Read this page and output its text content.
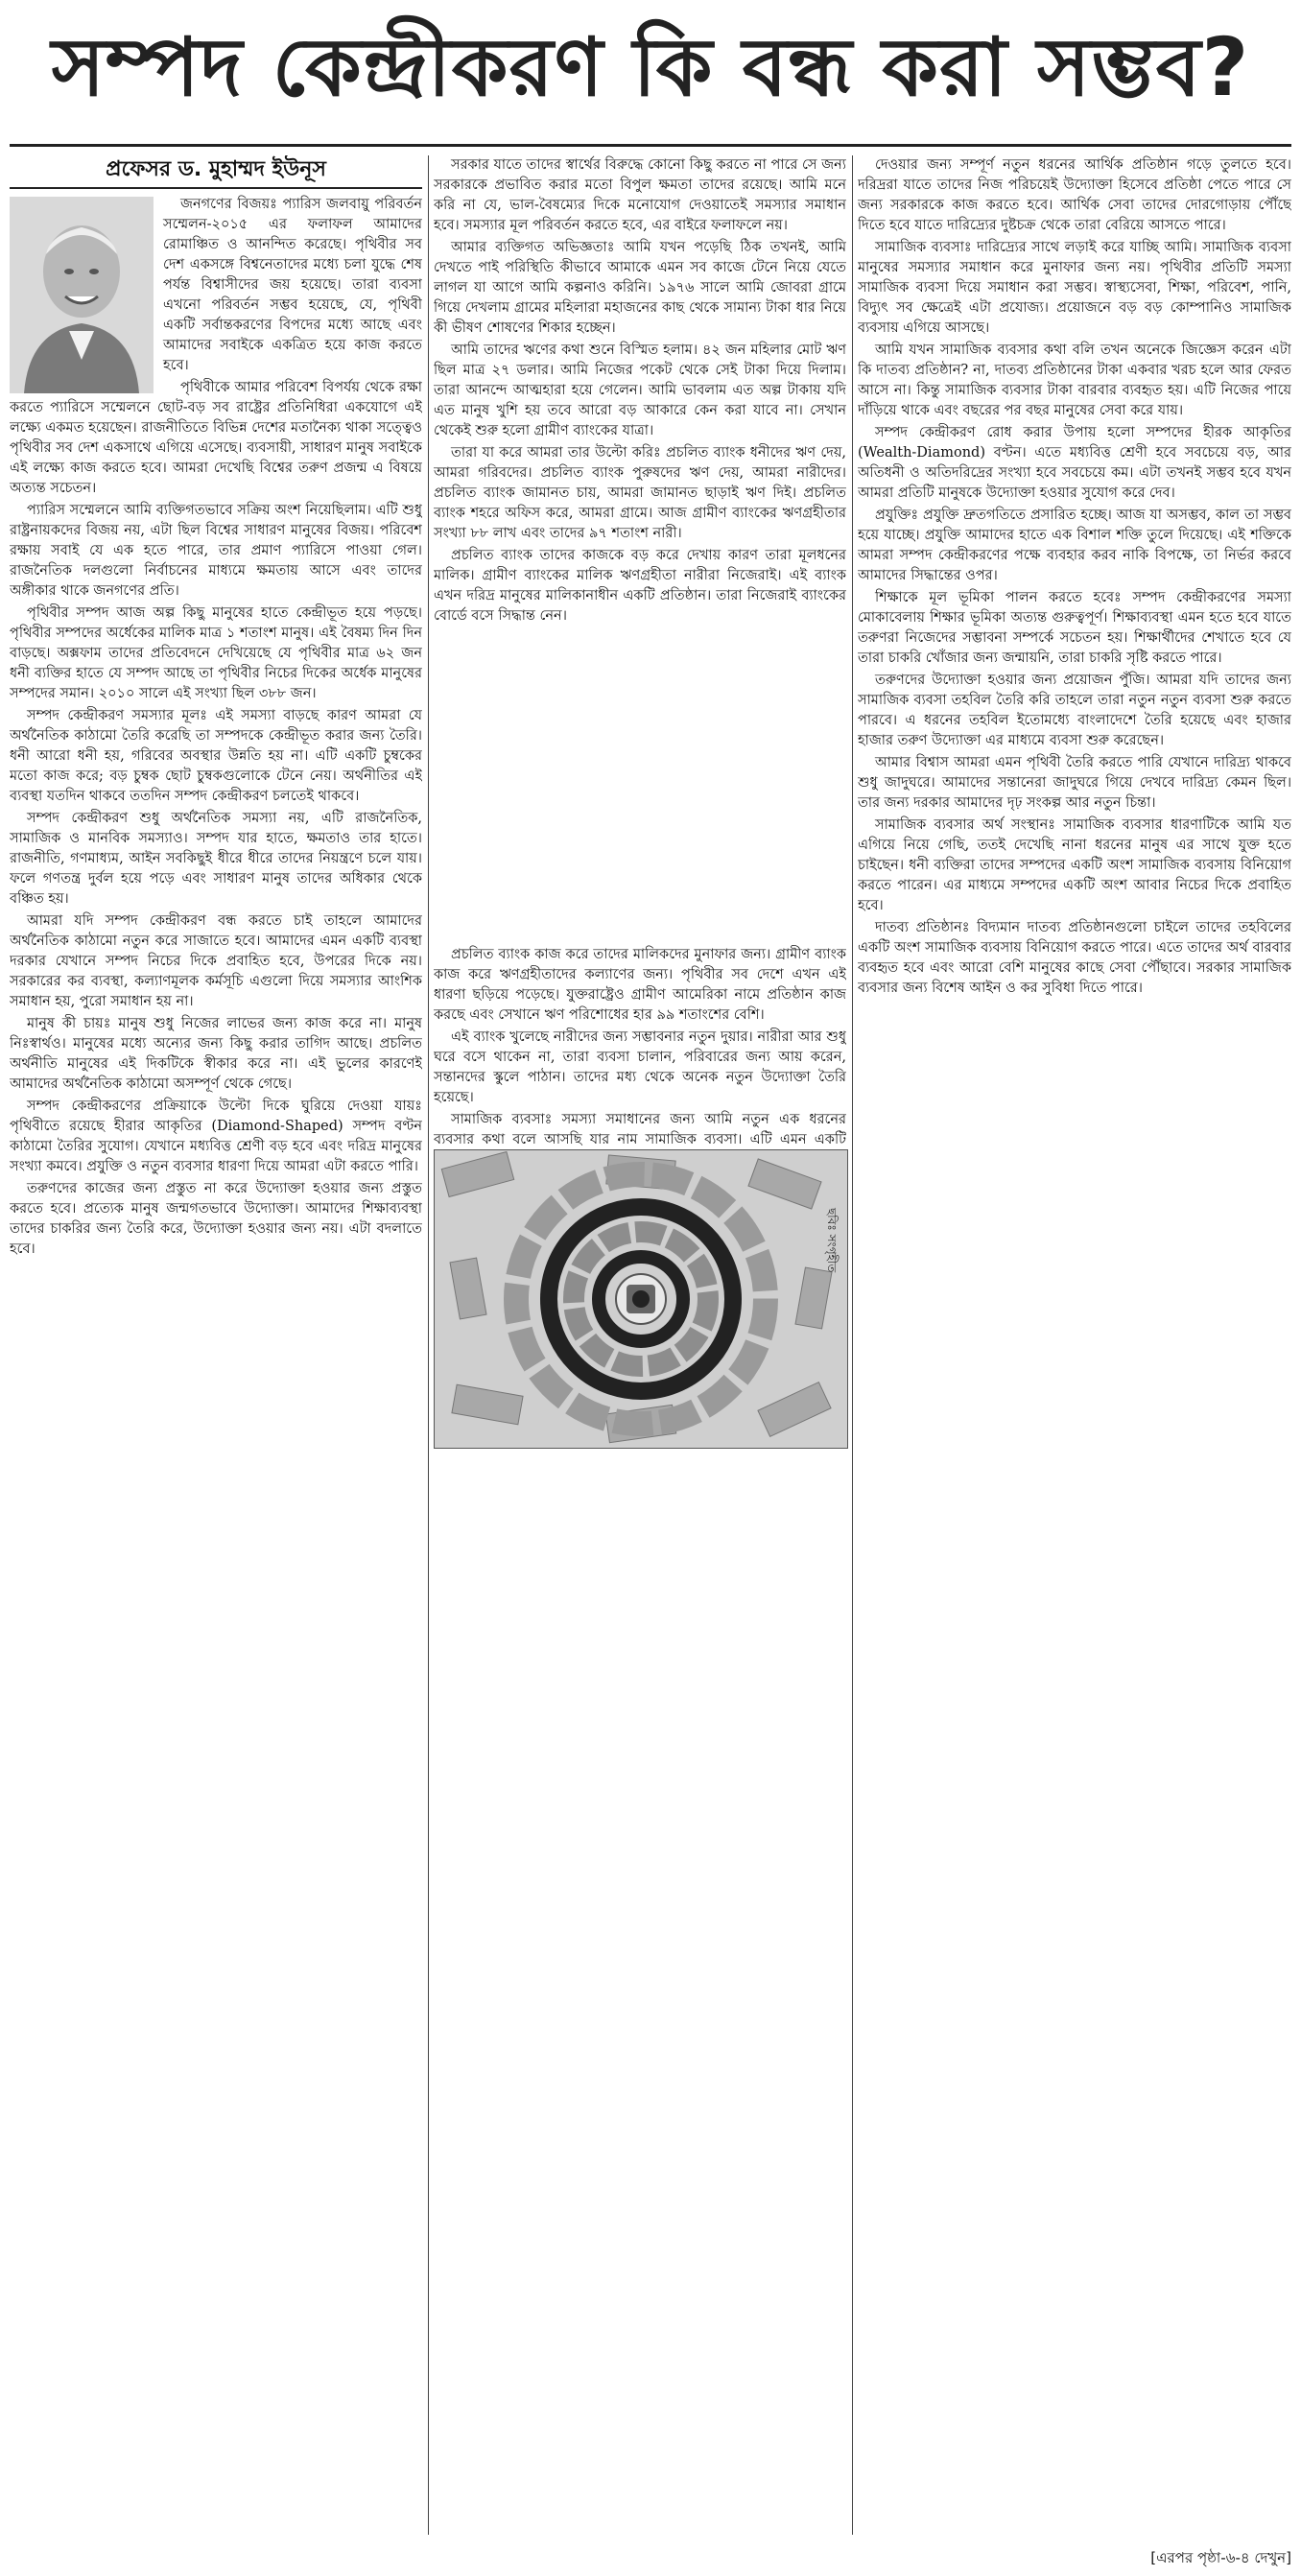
সম্পদ কেন্দ্রীকরণ কি বন্ধ করা সম্ভব?
প্রফেসর ড. মুহাম্মদ ইউনূস

জনগণের বিজয়ঃ প্যারিস জলবায়ু পরিবর্তন সম্মেলন-২০১৫ এর ফলাফল আমাদের রোমাঞ্চিত ও আনন্দিত করেছে। পৃথিবীর সব দেশ একসঙ্গে বিশ্বনেতাদের মধ্যে চলা যুদ্ধে শেষ পর্যন্ত বিশ্বাসীদের জয় হয়েছে। তারা ব্যবসা এখনো পরিবর্তন সম্ভব হয়েছে, যে, পৃথিবী একটি সর্বান্তকরণের বিপদের মধ্যে আছে এবং আমাদের সবাইকে একত্রিত হয়ে কাজ করতে হবে।

পৃথিবীকে আমার পরিবেশ বিপর্যয় থেকে রক্ষা করতে প্যারিসে সম্মেলনে ছোট-বড় সব রাষ্ট্রের প্রতিনিধিরা একযোগে এই লক্ষ্যে একমত হয়েছেন। রাজনীতিতে বিভিন্ন দেশের মতানৈক্য থাকা সত্ত্বেও পৃথিবীর সব দেশ একসাথে এগিয়ে এসেছে। ব্যবসায়ী, সাধারণ মানুষ সবাইকে এই লক্ষ্যে কাজ করতে হবে। আমরা দেখেছি বিশ্বের তরুণ প্রজন্ম এ বিষয়ে অত্যন্ত সচেতন।

প্যারিস সম্মেলনে আমি ব্যক্তিগতভাবে সক্রিয় অংশ নিয়েছিলাম। এটি শুধু রাষ্ট্রনায়কদের বিজয় নয়, এটা ছিল বিশ্বের সাধারণ মানুষের বিজয়। পরিবেশ রক্ষায় সবাই যে এক হতে পারে, তার প্রমাণ প্যারিসে পাওয়া গেল। রাজনৈতিক দলগুলো নির্বাচনের মাধ্যমে ক্ষমতায় আসে এবং তাদের অঙ্গীকার থাকে জনগণের প্রতি।

পৃথিবীর সম্পদ আজ অল্প কিছু মানুষের হাতে কেন্দ্রীভূত হয়ে পড়ছে। পৃথিবীর সম্পদের অর্ধেকের মালিক মাত্র ১ শতাংশ মানুষ। এই বৈষম্য দিন দিন বাড়ছে। অক্সফাম তাদের প্রতিবেদনে দেখিয়েছে যে পৃথিবীর মাত্র ৬২ জন ধনী ব্যক্তির হাতে যে সম্পদ আছে তা পৃথিবীর নিচের দিকের অর্ধেক মানুষের সম্পদের সমান। ২০১০ সালে এই সংখ্যা ছিল ৩৮৮ জন।

সম্পদ কেন্দ্রীকরণ সমস্যার মূলঃ এই সমস্যা বাড়ছে কারণ আমরা যে অর্থনৈতিক কাঠামো তৈরি করেছি তা সম্পদকে কেন্দ্রীভূত করার জন্য তৈরি। ধনী আরো ধনী হয়, গরিবের অবস্থার উন্নতি হয় না। এটি একটি চুম্বকের মতো কাজ করে; বড় চুম্বক ছোট চুম্বকগুলোকে টেনে নেয়। অর্থনীতির এই ব্যবস্থা যতদিন থাকবে ততদিন সম্পদ কেন্দ্রীকরণ চলতেই থাকবে।

সম্পদ কেন্দ্রীকরণ শুধু অর্থনৈতিক সমস্যা নয়, এটি রাজনৈতিক, সামাজিক ও মানবিক সমস্যাও। সম্পদ যার হাতে, ক্ষমতাও তার হাতে। রাজনীতি, গণমাধ্যম, আইন সবকিছুই ধীরে ধীরে তাদের নিয়ন্ত্রণে চলে যায়। ফলে গণতন্ত্র দুর্বল হয়ে পড়ে এবং সাধারণ মানুষ তাদের অধিকার থেকে বঞ্চিত হয়।

আমরা যদি সম্পদ কেন্দ্রীকরণ বন্ধ করতে চাই তাহলে আমাদের অর্থনৈতিক কাঠামো নতুন করে সাজাতে হবে। আমাদের এমন একটি ব্যবস্থা দরকার যেখানে সম্পদ নিচের দিকে প্রবাহিত হবে, উপরের দিকে নয়। সরকারের কর ব্যবস্থা, কল্যাণমূলক কর্মসূচি এগুলো দিয়ে সমস্যার আংশিক সমাধান হয়, পুরো সমাধান হয় না।

মানুষ কী চায়ঃ মানুষ শুধু নিজের লাভের জন্য কাজ করে না। মানুষ নিঃস্বার্থও। মানুষের মধ্যে অন্যের জন্য কিছু করার তাগিদ আছে। প্রচলিত অর্থনীতি মানুষের এই দিকটিকে স্বীকার করে না। এই ভুলের কারণেই আমাদের অর্থনৈতিক কাঠামো অসম্পূর্ণ থেকে গেছে।

সম্পদ কেন্দ্রীকরণের প্রক্রিয়াকে উল্টো দিকে ঘুরিয়ে দেওয়া যায়ঃ পৃথিবীতে রয়েছে হীরার আকৃতির (Diamond-Shaped) সম্পদ বণ্টন কাঠামো তৈরির সুযোগ। যেখানে মধ্যবিত্ত শ্রেণী বড় হবে এবং দরিদ্র মানুষের সংখ্যা কমবে। প্রযুক্তি ও নতুন ব্যবসার ধারণা দিয়ে আমরা এটা করতে পারি।

তরুণদের কাজের জন্য প্রস্তুত না করে উদ্যোক্তা হওয়ার জন্য প্রস্তুত করতে হবে। প্রত্যেক মানুষ জন্মগতভাবে উদ্যোক্তা। আমাদের শিক্ষাব্যবস্থা তাদের চাকরির জন্য তৈরি করে, উদ্যোক্তা হওয়ার জন্য নয়। এটা বদলাতে হবে।

সরকার যাতে তাদের স্বার্থের বিরুদ্ধে কোনো কিছু করতে না পারে সে জন্য সরকারকে প্রভাবিত করার মতো বিপুল ক্ষমতা তাদের রয়েছে। আমি মনে করি না যে, ভাল-বৈষম্যের দিকে মনোযোগ দেওয়াতেই সমস্যার সমাধান হবে। সমস্যার মূল পরিবর্তন করতে হবে, এর বাইরে ফলাফলে নয়।

আমার ব্যক্তিগত অভিজ্ঞতাঃ আমি যখন পড়েছি ঠিক তখনই, আমি দেখতে পাই পরিস্থিতি কীভাবে আমাকে এমন সব কাজে টেনে নিয়ে যেতে লাগল যা আগে আমি কল্পনাও করিনি। ১৯৭৬ সালে আমি জোবরা গ্রামে গিয়ে দেখলাম গ্রামের মহিলারা মহাজনের কাছ থেকে সামান্য টাকা ধার নিয়ে কী ভীষণ শোষণের শিকার হচ্ছেন।

আমি তাদের ঋণের কথা শুনে বিস্মিত হলাম। ৪২ জন মহিলার মোট ঋণ ছিল মাত্র ২৭ ডলার। আমি নিজের পকেট থেকে সেই টাকা দিয়ে দিলাম। তারা আনন্দে আত্মহারা হয়ে গেলেন। আমি ভাবলাম এত অল্প টাকায় যদি এত মানুষ খুশি হয় তবে আরো বড় আকারে কেন করা যাবে না। সেখান থেকেই শুরু হলো গ্রামীণ ব্যাংকের যাত্রা।

তারা যা করে আমরা তার উল্টো করিঃ প্রচলিত ব্যাংক ধনীদের ঋণ দেয়, আমরা গরিবদের। প্রচলিত ব্যাংক পুরুষদের ঋণ দেয়, আমরা নারীদের। প্রচলিত ব্যাংক জামানত চায়, আমরা জামানত ছাড়াই ঋণ দিই। প্রচলিত ব্যাংক শহরে অফিস করে, আমরা গ্রামে। আজ গ্রামীণ ব্যাংকের ঋণগ্রহীতার সংখ্যা ৮৮ লাখ এবং তাদের ৯৭ শতাংশ নারী।

প্রচলিত ব্যাংক তাদের কাজকে বড় করে দেখায় কারণ তারা মূলধনের মালিক। গ্রামীণ ব্যাংকের মালিক ঋণগ্রহীতা নারীরা নিজেরাই। এই ব্যাংক এখন দরিদ্র মানুষের মালিকানাধীন একটি প্রতিষ্ঠান। তারা নিজেরাই ব্যাংকের বোর্ডে বসে সিদ্ধান্ত নেন।

প্রচলিত ব্যাংক কাজ করে তাদের মালিকদের মুনাফার জন্য। গ্রামীণ ব্যাংক কাজ করে ঋণগ্রহীতাদের কল্যাণের জন্য। পৃথিবীর সব দেশে এখন এই ধারণা ছড়িয়ে পড়েছে। যুক্তরাষ্ট্রেও গ্রামীণ আমেরিকা নামে প্রতিষ্ঠান কাজ করছে এবং সেখানে ঋণ পরিশোধের হার ৯৯ শতাংশের বেশি।

এই ব্যাংক খুলেছে নারীদের জন্য সম্ভাবনার নতুন দুয়ার। নারীরা আর শুধু ঘরে বসে থাকেন না, তারা ব্যবসা চালান, পরিবারের জন্য আয় করেন, সন্তানদের স্কুলে পাঠান। তাদের মধ্য থেকে অনেক নতুন উদ্যোক্তা তৈরি হয়েছে।

সামাজিক ব্যবসাঃ সমস্যা সমাধানের জন্য আমি নতুন এক ধরনের ব্যবসার কথা বলে আসছি যার নাম সামাজিক ব্যবসা। এটি এমন একটি

ছবিঃ সংগৃহীত

দেওয়ার জন্য সম্পূর্ণ নতুন ধরনের আর্থিক প্রতিষ্ঠান গড়ে তুলতে হবে। দরিদ্ররা যাতে তাদের নিজ পরিচয়েই উদ্যোক্তা হিসেবে প্রতিষ্ঠা পেতে পারে সে জন্য সরকারকে কাজ করতে হবে। আর্থিক সেবা তাদের দোরগোড়ায় পৌঁছে দিতে হবে যাতে দারিদ্র্যের দুষ্টচক্র থেকে তারা বেরিয়ে আসতে পারে।

সামাজিক ব্যবসাঃ দারিদ্র্যের সাথে লড়াই করে যাচ্ছি আমি। সামাজিক ব্যবসা মানুষের সমস্যার সমাধান করে মুনাফার জন্য নয়। পৃথিবীর প্রতিটি সমস্যা সামাজিক ব্যবসা দিয়ে সমাধান করা সম্ভব। স্বাস্থ্যসেবা, শিক্ষা, পরিবেশ, পানি, বিদ্যুৎ সব ক্ষেত্রেই এটা প্রযোজ্য। প্রয়োজনে বড় বড় কোম্পানিও সামাজিক ব্যবসায় এগিয়ে আসছে।

আমি যখন সামাজিক ব্যবসার কথা বলি তখন অনেকে জিজ্ঞেস করেন এটা কি দাতব্য প্রতিষ্ঠান? না, দাতব্য প্রতিষ্ঠানের টাকা একবার খরচ হলে আর ফেরত আসে না। কিন্তু সামাজিক ব্যবসার টাকা বারবার ব্যবহৃত হয়। এটি নিজের পায়ে দাঁড়িয়ে থাকে এবং বছরের পর বছর মানুষের সেবা করে যায়।

সম্পদ কেন্দ্রীকরণ রোধ করার উপায় হলো সম্পদের হীরক আকৃতির (Wealth-Diamond) বণ্টন। এতে মধ্যবিত্ত শ্রেণী হবে সবচেয়ে বড়, আর অতিধনী ও অতিদরিদ্রের সংখ্যা হবে সবচেয়ে কম। এটা তখনই সম্ভব হবে যখন আমরা প্রতিটি মানুষকে উদ্যোক্তা হওয়ার সুযোগ করে দেব।

প্রযুক্তিঃ প্রযুক্তি দ্রুতগতিতে প্রসারিত হচ্ছে। আজ যা অসম্ভব, কাল তা সম্ভব হয়ে যাচ্ছে। প্রযুক্তি আমাদের হাতে এক বিশাল শক্তি তুলে দিয়েছে। এই শক্তিকে আমরা সম্পদ কেন্দ্রীকরণের পক্ষে ব্যবহার করব নাকি বিপক্ষে, তা নির্ভর করবে আমাদের সিদ্ধান্তের ওপর।

শিক্ষাকে মূল ভূমিকা পালন করতে হবেঃ সম্পদ কেন্দ্রীকরণের সমস্যা মোকাবেলায় শিক্ষার ভূমিকা অত্যন্ত গুরুত্বপূর্ণ। শিক্ষাব্যবস্থা এমন হতে হবে যাতে তরুণরা নিজেদের সম্ভাবনা সম্পর্কে সচেতন হয়। শিক্ষার্থীদের শেখাতে হবে যে তারা চাকরি খোঁজার জন্য জন্মায়নি, তারা চাকরি সৃষ্টি করতে পারে।

তরুণদের উদ্যোক্তা হওয়ার জন্য প্রয়োজন পুঁজি। আমরা যদি তাদের জন্য সামাজিক ব্যবসা তহবিল তৈরি করি তাহলে তারা নতুন নতুন ব্যবসা শুরু করতে পারবে। এ ধরনের তহবিল ইতোমধ্যে বাংলাদেশে তৈরি হয়েছে এবং হাজার হাজার তরুণ উদ্যোক্তা এর মাধ্যমে ব্যবসা শুরু করেছেন।

আমার বিশ্বাস আমরা এমন পৃথিবী তৈরি করতে পারি যেখানে দারিদ্র্য থাকবে শুধু জাদুঘরে। আমাদের সন্তানেরা জাদুঘরে গিয়ে দেখবে দারিদ্র্য কেমন ছিল। তার জন্য দরকার আমাদের দৃঢ় সংকল্প আর নতুন চিন্তা।

সামাজিক ব্যবসার অর্থ সংস্থানঃ সামাজিক ব্যবসার ধারণাটিকে আমি যত এগিয়ে নিয়ে গেছি, ততই দেখেছি নানা ধরনের মানুষ এর সাথে যুক্ত হতে চাইছেন। ধনী ব্যক্তিরা তাদের সম্পদের একটি অংশ সামাজিক ব্যবসায় বিনিয়োগ করতে পারেন। এর মাধ্যমে সম্পদের একটি অংশ আবার নিচের দিকে প্রবাহিত হবে।

দাতব্য প্রতিষ্ঠানঃ বিদ্যমান দাতব্য প্রতিষ্ঠানগুলো চাইলে তাদের তহবিলের একটি অংশ সামাজিক ব্যবসায় বিনিয়োগ করতে পারে। এতে তাদের অর্থ বারবার ব্যবহৃত হবে এবং আরো বেশি মানুষের কাছে সেবা পৌঁছাবে। সরকার সামাজিক ব্যবসার জন্য বিশেষ আইন ও কর সুবিধা দিতে পারে।

[এরপর পৃষ্ঠা-৬-৪ দেখুন]
